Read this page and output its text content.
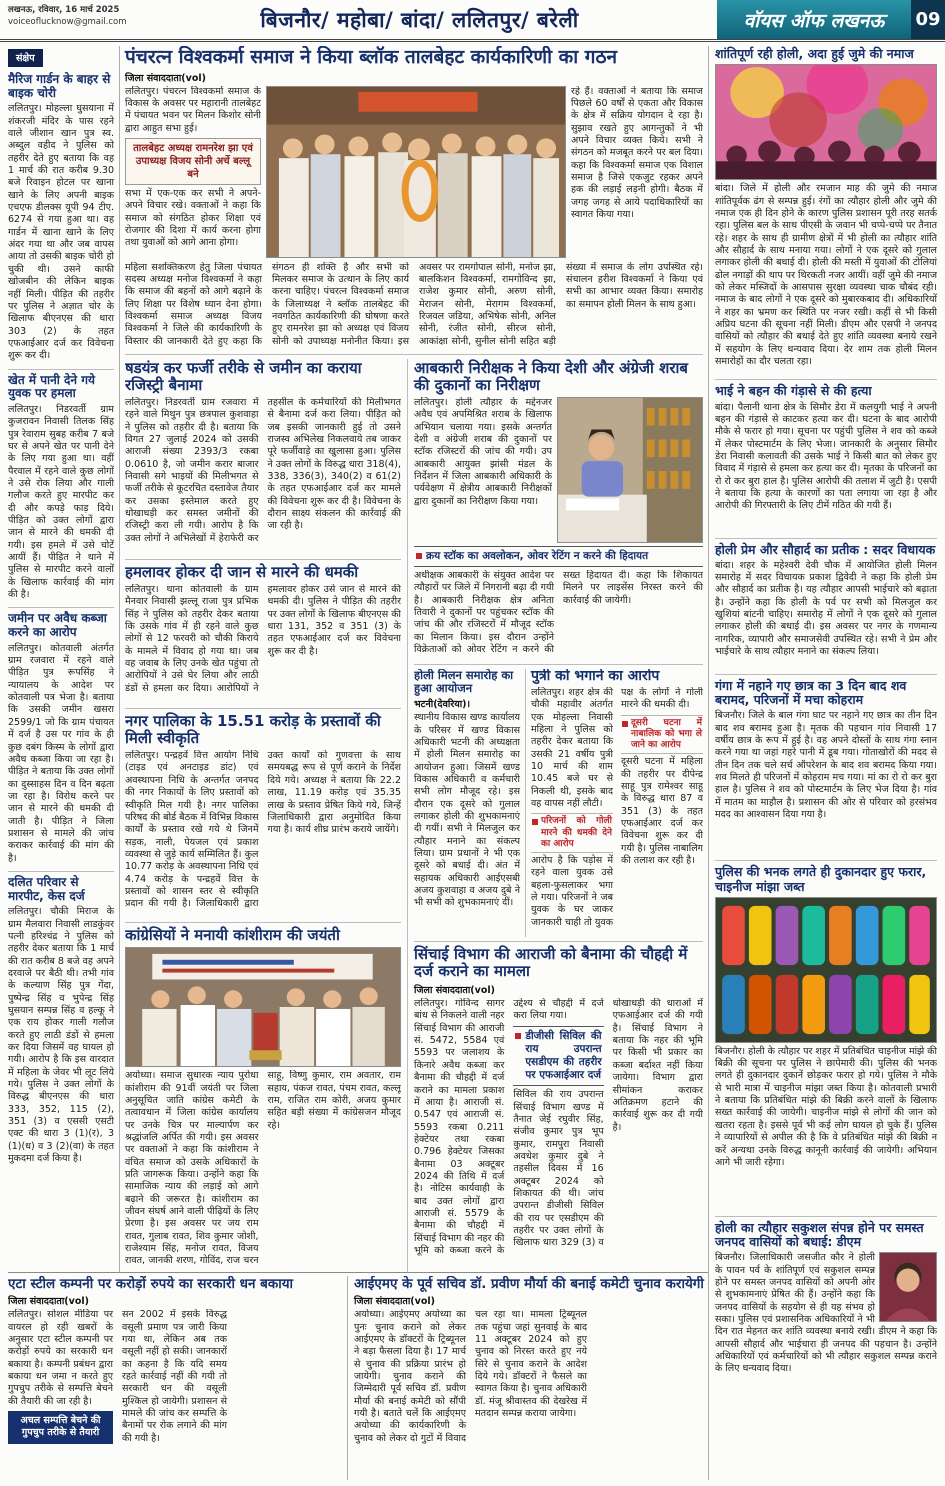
लखनऊ, रविवार, 16 मार्च 2025
voiceoflucknow@gmail.com	बिजनौर/ महोबा/ बांदा/ ललितपुर/ बरेली	वॉयस ऑफ लखनऊ	09
संक्षेप
मैरिज गार्डन के बाहर से बाइक चोरी
ललितपुर। मोहल्ला घुसयाना में शंकरजी मंदिर के पास रहने वाले जीशान खान पुत्र स्व. अब्दुल वहीद ने पुलिस को तहरीर देते हुए बताया कि वह 1 मार्च की रात करीब 9.30 बजे रिवाइन होटल पर खाना खाने के लिए अपनी बाइक एचएफ डीलक्स यूपी 94 टीए. 6274 से गया हुआ था। वह गार्डन में खाना खाने के लिए अंदर गया था और जब वापस आया तो उसकी बाइक चोरी हो चुकी थी। उसने काफी खोजबीन की लेकिन बाइक नहीं मिली। पीड़ित की तहरीर पर पुलिस ने अज्ञात चोर के खिलाफ बीएनएस की धारा 303 (2) के तहत एफआईआर दर्ज कर विवेचना शुरू कर दी।
खेत में पानी देने गये युवक पर हमला
ललितपुर। निडरवर्ती ग्राम कुजरावन निवासी तिलक सिंह पुत्र रेवाराम सुबह करीब 7 बजे घर से अपने खेत पर पानी देने के लिए गया हुआ था। वहीं पैरवाल में रहने वाले कुछ लोगों ने उसे रोक लिया और गाली गलौज करते हुए मारपीट कर दी और कपड़े फाड़ दिये। पीड़ित को उक्त लोगों द्वारा जान से मारने की धमकी दी गयी। इस हमले में उसे चोटें आयीं हैं। पीड़ित ने थाने में पुलिस से मारपीट करने वालों के खिलाफ कार्रवाई की मांग की है।
जमीन पर अवैध कब्जा करने का आरोप
ललितपुर। कोतवाली अंतर्गत ग्राम रजवारा में रहने वाले पीड़ित पुत्र रूपसिंह ने न्यायालय के आदेश पर कोतवाली पत्र भेजा है। बताया कि उसकी जमीन खसरा 2599/1 जो कि ग्राम पंचायत में दर्ज है उस पर गांव के ही कुछ दबंग किस्म के लोगों द्वारा अवैध कब्जा किया जा रहा है। पीड़ित ने बताया कि उक्त लोगों का दुस्साहस दिन व दिन बढ़ता जा रहा है। विरोध करने पर जान से मारने की धमकी दी जाती है। पीड़ित ने जिला प्रशासन से मामले की जांच कराकर कार्रवाई की मांग की है।
दलित परिवार से मारपीट, केस दर्ज
ललितपुर। चौकी मिराज के ग्राम मैलवारा निवासी लाडकुंवर पत्नी हरिश्चंद्र ने पुलिस को तहरीर देकर बताया कि 1 मार्च की रात करीब 8 बजे वह अपने दरवाजे पर बैठी थी। तभी गांव के कल्याण सिंह पुत्र गेंदा, पुष्पेन्द्र सिंह व भुपेन्द्र सिंह घुसयान सम्पन्न सिंह व हल्कू ने एक राय होकर गाली गलौज करते हुए लाठी डंडों से हमला कर दिया जिसमें वह घायल हो गयी। आरोप है कि इस वारदात में महिला के जेवर भी लूट लिये गये। पुलिस ने उक्त लोगों के विरुद्ध बीएनएस की धारा 333, 352, 115 (2), 351 (3) व एससी एसटी एक्ट की धारा 3 (1)(र), 3 (1)(ध) व 3 (2)(वा) के तहत मुकदमा दर्ज किया है।
पंचरत्न विश्वकर्मा समाज ने किया ब्लॉक तालबेहट कार्यकारिणी का गठन
जिला संवाददाता(vol)

ललितपुर। पंचरत्न विश्वकर्मा समाज के विकास के अवसर पर महारानी तालबेहट में पंचायत भवन पर मिलन किशोर सोनी द्वारा आहुत सभा हुई।

तालबेहट अध्यक्ष रामनरेश झा एवं उपाध्यक्ष विजय सोनी अर्चे बल्लू बने

सभा में एक-एक कर सभी ने अपने-अपने विचार रखे। वक्ताओं ने कहा कि समाज को संगठित होकर शिक्षा एवं रोजगार की दिशा में कार्य करना होगा तथा युवाओं को आगे आना होगा।

रहे हैं। वक्ताओं ने बताया कि समाज पिछले 60 वर्षों से एकता और विकास के क्षेत्र में सक्रिय योगदान दे रहा है। सुझाव रखते हुए आगन्तुकों ने भी अपने विचार व्यक्त किये। सभी ने संगठन को मजबूत करने पर बल दिया। कहा कि विश्वकर्मा समाज एक विशाल समाज है जिसे एकजुट रहकर अपने हक की लड़ाई लड़नी होगी। बैठक में जगह जगह से आये पदाधिकारियों का स्वागत किया गया।

महिला सशक्तिकरण हेतु जिला पंचायत सदस्य अध्यक्ष मनोज विश्वकर्मा ने कहा कि समाज की बहनों को आगे बढ़ाने के लिए शिक्षा पर विशेष ध्यान देना होगा। विश्वकर्मा समाज अध्यक्ष विजय विश्वकर्मा ने जिले की कार्यकारिणी के विस्तार की जानकारी देते हुए कहा कि संगठन ही शक्ति है और सभी को मिलकर समाज के उत्थान के लिए कार्य करना चाहिए। पंचरत्न विश्वकर्मा समाज के जिलाध्यक्ष ने ब्लॉक तालबेहट की नवगठित कार्यकारिणी की घोषणा करते हुए रामनरेश झा को अध्यक्ष एवं विजय सोनी को उपाध्यक्ष मनोनीत किया। इस अवसर पर रामगोपाल सोनी, मनोज झा, बालकिशन विश्वकर्मा, रामगोविन्द झा, राजेश कुमार सोनी, अरुण सोनी, मेराजन सोनी, मेरागम विश्वकर्मा, रिजवल जडिया, अभिषेक सोनी, अनिल सोनी, रंजीत सोनी, सीरज सोनी, आकांक्षा सोनी, सुनील सोनी सहित बड़ी संख्या में समाज के लोग उपस्थित रहे। संचालन हरीश विश्वकर्मा ने किया एवं सभी का आभार व्यक्त किया। समारोह का समापन होली मिलन के साथ हुआ।

षडयंत्र कर फर्जी तरीके से जमीन का कराया रजिस्ट्री बैनामा

ललितपुर। निडरवर्ती ग्राम रजवारा में रहने वाले मिथुन पुत्र छत्रपाल कुशवाहा ने पुलिस को तहरीर दी है। बताया कि विगत 27 जुलाई 2024 को उसकी आराजी संख्या 2393/3 रकबा 0.0610 है, जो जमीन करार बाजार निवासी सगे भाइयों की मिलीभगत से फर्जी तरीके से कूटरचित दस्तावेज तैयार कर उसका इस्तेमाल करते हुए धोखाधड़ी कर समस्त जमीनों की रजिस्ट्री करा ली गयी। आरोप है कि उक्त लोगों ने अभिलेखों में हेराफेरी कर तहसील के कर्मचारियों की मिलीभगत से बैनामा दर्ज करा लिया। पीड़ित को जब इसकी जानकारी हुई तो उसने राजस्व अभिलेख निकलवाये तब जाकर पूरे फर्जीवाड़े का खुलासा हुआ। पुलिस ने उक्त लोगों के विरुद्ध धारा 318(4), 338, 336(3), 340(2) व 61(2) के तहत एफआईआर दर्ज कर मामले की विवेचना शुरू कर दी है। विवेचना के दौरान साक्ष्य संकलन की कार्रवाई की जा रही है।

हमलावर होकर दी जान से मारने की धमकी

ललितपुर। थाना कोतवाली के ग्राम मैनवार निवासी झल्लू राजा पुत्र प्रभिक सिंह ने पुलिस को तहरीर देकर बताया कि उसके गांव में ही रहने वाले कुछ लोगों से 12 फरवरी को चौकी किराये के मामले में विवाद हो गया था। जब वह जवाब के लिए उनके खेत पहुंचा तो आरोपियों ने उसे घेर लिया और लाठी डंडों से हमला कर दिया। आरोपियों ने हमलावर होकर उसे जान से मारने की धमकी दी। पुलिस ने पीड़ित की तहरीर पर उक्त लोगों के खिलाफ बीएनएस की धारा 131, 352 व 351 (3) के तहत एफआईआर दर्ज कर विवेचना शुरू कर दी है।

नगर पालिका के 15.51 करोड़ के प्रस्तावों की मिली स्वीकृति

ललितपुर। पन्द्रहवें वित्त आयोग निधि (टाइड एवं अनटाइड डांट) एवं अवस्थापना निधि के अन्तर्गत जनपद की नगर निकायों के लिए प्रस्तावों को स्वीकृति मिल गयी है। नगर पालिका परिषद की बोर्ड बैठक में विभिन्न विकास कार्यों के प्रस्ताव रखे गये थे जिनमें सड़क, नाली, पेयजल एवं प्रकाश व्यवस्था से जुड़े कार्य सम्मिलित हैं। कुल 10.77 करोड़ के अवस्थापना निधि एवं 4.74 करोड़ के पन्द्रहवें वित्त के प्रस्तावों को शासन स्तर से स्वीकृति प्रदान की गयी है। जिलाधिकारी द्वारा उक्त कार्यों को गुणवत्ता के साथ समयबद्ध रूप से पूर्ण कराने के निर्देश दिये गये। अध्यक्ष ने बताया कि 22.2 लाख, 11.19 करोड़ एवं 35.35 लाख के प्रस्ताव प्रेषित किये गये, जिन्हें जिलाधिकारी द्वारा अनुमोदित किया गया है। कार्य शीघ्र प्रारंभ कराये जायेंगे।

कांग्रेसियों ने मनायी कांशीराम की जयंती

अयोध्या। समाज सुधारक न्याय पुरोधा कांशीराम की 91वीं जयंती पर जिला अनुसूचित जाति कांग्रेस कमेटी के तत्वावधान में जिला कांग्रेस कार्यालय पर उनके चित्र पर माल्यार्पण कर श्रद्धांजलि अर्पित की गयी। इस अवसर पर वक्ताओं ने कहा कि कांशीराम ने वंचित समाज को उसके अधिकारों के प्रति जागरूक किया। उन्होंने कहा कि सामाजिक न्याय की लड़ाई को आगे बढ़ाने की जरूरत है। कांशीराम का जीवन संघर्ष आने वाली पीढ़ियों के लिए प्रेरणा है। इस अवसर पर जय राम रावत, गुलाब रावत, शिव कुमार जोशी, राजेश्याम सिंह, मनोज रावत, विजय रावत, जानकी शरण, गोविंद, राज चरन साहू, विष्णु कुमार, राम अवतार, राम सहाय, पंकज रावत, पंचम रावत, कल्लू राम, राजित राम कोरी, अजय कुमार सहित बड़ी संख्या में कांग्रेसजन मौजूद रहे।

आबकारी निरीक्षक ने किया देशी और अंग्रेजी शराब की दुकानों का निरीक्षण

ललितपुर। होली त्यौहार के मद्देनजर अवैध एवं अपमिश्रित शराब के खिलाफ अभियान चलाया गया। इसके अन्तर्गत देशी व अंग्रेजी शराब की दुकानों पर स्टॉक रजिस्टरों की जांच की गयी। उप आबकारी आयुक्त झांसी मंडल के निर्देशन में जिला आबकारी अधिकारी के पर्यवेक्षण में क्षेत्रीय आबकारी निरीक्षकों द्वारा दुकानों का निरीक्षण किया गया।

क्रय स्टॉक का अवलोकन, ओवर रेटिंग न करने की हिदायत

अधीक्षक आबकारी के संयुक्त आदेश पर त्यौहारों पर जिले में निगरानी बढ़ा दी गयी है। आबकारी निरीक्षक क्षेत्र अनिता तिवारी ने दुकानों पर पहुंचकर स्टॉक की जांच की और रजिस्टरों में मौजूद स्टॉक का मिलान किया। इस दौरान उन्होंने विक्रेताओं को ओवर रेटिंग न करने की सख्त हिदायत दी। कहा कि शिकायत मिलने पर लाइसेंस निरस्त करने की कार्रवाई की जायेगी।

होली मिलन समारोह का हुआ आयोजन
भटनी(देवरिया)।

स्थानीय विकास खण्ड कार्यालय के परिसर में खण्ड विकास अधिकारी भटनी की अध्यक्षता में होली मिलन समारोह का आयोजन हुआ। जिसमें खण्ड विकास अधिकारी व कर्मचारी सभी लोग मौजूद रहे। इस दौरान एक दूसरे को गुलाल लगाकर होली की शुभकामनाएं दी गयीं। सभी ने मिलजुल कर त्यौहार मनाने का संकल्प लिया। ग्राम प्रधानों ने भी एक दूसरे को बधाई दी। अंत में सहायक अधिकारी आईएसबी अजय कुशवाहा व अजय दुबे ने भी सभी को शुभकामनाएं दीं।

पुत्री को भगाने का आरोप

ललितपुर। शहर क्षेत्र की चौकी महावीर अंतर्गत एक मोहल्ला निवासी महिला ने पुलिस को तहरीर देकर बताया कि उसकी 21 वर्षीय पुत्री 10 मार्च की शाम 10.45 बजे घर से निकली थी, इसके बाद वह वापस नहीं लौटी।

परिजनों को गोली मारने की धमकी देने का आरोप

आरोप है कि पड़ोस में रहने वाला युवक उसे बहला-फुसलाकर भगा ले गया। परिजनों ने जब युवक के घर जाकर जानकारी चाही तो युवक पक्ष के लोगों ने गोली मारने की धमकी दी।

दूसरी घटना में नाबालिक को भगा ले जाने का आरोप

दूसरी घटना में महिला की तहरीर पर दीपेन्द्र साहू पुत्र रामेश्वर साहू के विरुद्ध धारा 87 व 351 (3) के तहत एफआईआर दर्ज कर विवेचना शुरू कर दी गयी है। पुलिस नाबालिग की तलाश कर रही है।

सिंचाई विभाग की आराजी को बैनामा की चौहद्दी में दर्ज कराने का मामला
जिला संवाददाता(vol)

ललितपुर। गोविन्द सागर बांध से निकलने वाली नहर सिंचाई विभाग की आराजी सं. 5472, 5584 एवं 5593 पर जलाशय के किनारे अवैध कब्जा कर बैनामा की चौहद्दी में दर्ज कराने का मामला प्रकाश में आया है। आराजी सं. 0.547 एवं आराजी सं. 5593 रकबा 0.211 हेक्टेयर तथा रकबा 0.796 हेक्टेयर जिसका बैनामा 03 अक्टूबर 2024 की तिथि में दर्ज है। नोटिस कार्यवाही के बाद उक्त लोगों द्वारा आराजी सं. 5579 के बैनामा की चौहद्दी में सिंचाई विभाग की नहर की भूमि को कब्जा करने के उद्देश्य से चौहद्दी में दर्ज करा लिया गया।

डीजीसी सिविल की राय उपरान्त एसडीएम की तहरीर पर एफआईआर दर्ज

सिविल की राय उपरान्त सिंचाई विभाग खण्ड में तैनात जेई रघुवीर सिंह, संजीव कुमार पुत्र भूप कुमार, रामपुरा निवासी अवधेश कुमार दुबे ने तहसील दिवस में 16 अक्टूबर 2024 को शिकायत की थी। जांच उपरान्त डीजीसी सिविल की राय पर एसडीएम की तहरीर पर उक्त लोगों के खिलाफ धारा 329 (3) व धोखाधड़ी की धाराओं में एफआईआर दर्ज की गयी है। सिंचाई विभाग ने बताया कि नहर की भूमि पर किसी भी प्रकार का कब्जा बर्दाश्त नहीं किया जायेगा। विभाग द्वारा सीमांकन कराकर अतिक्रमण हटाने की कार्रवाई शुरू कर दी गयी है।

एटा स्टील कम्पनी पर करोड़ों रुपये का सरकारी धन बकाया
जिला संवाददाता(vol)

ललितपुर। सोशल मीडिया पर वायरल हो रही खबरों के अनुसार एटा स्टील कम्पनी पर करोड़ों रुपये का सरकारी धन बकाया है। कम्पनी प्रबंधन द्वारा बकाया धन जमा न करते हुए गुपचुप तरीके से सम्पत्ति बेचने की तैयारी की जा रही है।

अचल सम्पत्ति बेचने की गुपचुप तरीके से तैयारी

सन 2002 में इसके विरुद्ध वसूली प्रमाण पत्र जारी किया गया था, लेकिन अब तक वसूली नहीं हो सकी। जानकारों का कहना है कि यदि समय रहते कार्रवाई नहीं की गयी तो सरकारी धन की वसूली मुश्किल हो जायेगी। प्रशासन से मामले की जांच कर सम्पत्ति के बैनामों पर रोक लगाने की मांग की गयी है।

आईएमए के पूर्व सचिव डॉ. प्रवीण मौर्या की बनाई कमेटी चुनाव करायेगी
जिला संवाददाता(vol)

अयोध्या। आईएमए अयोध्या का पुनः चुनाव कराने को लेकर आईएमए के डॉक्टरों के ट्रिब्यूनल ने बड़ा फैसला दिया है। 17 मार्च से चुनाव की प्रक्रिया प्रारंभ हो जायेगी। चुनाव कराने की जिम्मेदारी पूर्व सचिव डॉ. प्रवीण मौर्या की बनाई कमेटी को सौंपी गयी है। बताते चलें कि आईएमए अयोध्या की कार्यकारिणी के चुनाव को लेकर दो गुटों में विवाद चल रहा था। मामला ट्रिब्यूनल तक पहुंचा जहां सुनवाई के बाद 11 अक्टूबर 2024 को हुए चुनाव को निरस्त करते हुए नये सिरे से चुनाव कराने के आदेश दिये गये। डॉक्टरों ने फैसले का स्वागत किया है। चुनाव अधिकारी डॉ. मंजू श्रीवास्तव की देखरेख में मतदान सम्पन्न कराया जायेगा।

शांतिपूर्ण रही होली, अदा हुई जुमे की नमाज

बांदा। जिले में होली और रमजान माह की जुमे की नमाज शांतिपूर्वक ढंग से सम्पन्न हुई। रंगों का त्यौहार होली और जुमे की नमाज एक ही दिन होने के कारण पुलिस प्रशासन पूरी तरह सतर्क रहा। पुलिस बल के साथ पीएसी के जवान भी चप्पे-चप्पे पर तैनात रहे। शहर के साथ ही ग्रामीण क्षेत्रों में भी होली का त्यौहार शांति और सौहार्द के साथ मनाया गया। लोगों ने एक दूसरे को गुलाल लगाकर होली की बधाई दी। होली की मस्ती में युवाओं की टोलियां ढोल नगाड़ों की थाप पर थिरकती नजर आयीं। वहीं जुमे की नमाज को लेकर मस्जिदों के आसपास सुरक्षा व्यवस्था चाक चौबंद रही। नमाज के बाद लोगों ने एक दूसरे को मुबारकबाद दी। अधिकारियों ने शहर का भ्रमण कर स्थिति पर नजर रखी। कहीं से भी किसी अप्रिय घटना की सूचना नहीं मिली। डीएम और एसपी ने जनपद वासियों को त्यौहार की बधाई देते हुए शांति व्यवस्था बनाये रखने में सहयोग के लिए धन्यवाद दिया। देर शाम तक होली मिलन समारोहों का दौर चलता रहा।

भाई ने बहन की गंड़ासे से की हत्या

बांदा। पैलानी थाना क्षेत्र के सिमौर डेरा में कलयुगी भाई ने अपनी बहन की गंड़ासे से काटकर हत्या कर दी। घटना के बाद आरोपी मौके से फरार हो गया। सूचना पर पहुंची पुलिस ने शव को कब्जे में लेकर पोस्टमार्टम के लिए भेजा। जानकारी के अनुसार सिमौर डेरा निवासी कलावती की उसके भाई ने किसी बात को लेकर हुए विवाद में गंड़ासे से हमला कर हत्या कर दी। मृतका के परिजनों का रो रो कर बुरा हाल है। पुलिस आरोपी की तलाश में जुटी है। एसपी ने बताया कि हत्या के कारणों का पता लगाया जा रहा है और आरोपी की गिरफ्तारी के लिए टीमें गठित की गयी हैं।

होली प्रेम और सौहार्द का प्रतीक : सदर विधायक

बांदा। शहर के महेश्वरी देवी चौक में आयोजित होली मिलन समारोह में सदर विधायक प्रकाश द्विवेदी ने कहा कि होली प्रेम और सौहार्द का प्रतीक है। यह त्यौहार आपसी भाईचारे को बढ़ाता है। उन्होंने कहा कि होली के पर्व पर सभी को मिलजुल कर खुशियां बांटनी चाहिए। समारोह में लोगों ने एक दूसरे को गुलाल लगाकर होली की बधाई दी। इस अवसर पर नगर के गणमान्य नागरिक, व्यापारी और समाजसेवी उपस्थित रहे। सभी ने प्रेम और भाईचारे के साथ त्यौहार मनाने का संकल्प लिया।

गंगा में नहाने गए छात्र का 3 दिन बाद शव बरामद, परिजनों में मचा कोहराम

बिजनौर। जिले के बाल गंगा घाट पर नहाने गए छात्र का तीन दिन बाद शव बरामद हुआ है। मृतक की पहचान गांव निवासी 17 वर्षीय छात्र के रूप में हुई है। वह अपने दोस्तों के साथ गंगा स्नान करने गया था जहां गहरे पानी में डूब गया। गोताखोरों की मदद से तीन दिन तक चले सर्च ऑपरेशन के बाद शव बरामद किया गया। शव मिलते ही परिजनों में कोहराम मच गया। मां का रो रो कर बुरा हाल है। पुलिस ने शव को पोस्टमार्टम के लिए भेज दिया है। गांव में मातम का माहौल है। प्रशासन की ओर से परिवार को हरसंभव मदद का आश्वासन दिया गया है।

पुलिस की भनक लगते ही दुकानदार हुए फरार, चाइनीज मांझा जब्त

बिजनौर। होली के त्यौहार पर शहर में प्रतिबंधित चाइनीज मांझे की बिक्री की सूचना पर पुलिस ने छापेमारी की। पुलिस की भनक लगते ही दुकानदार दुकानें छोड़कर फरार हो गये। पुलिस ने मौके से भारी मात्रा में चाइनीज मांझा जब्त किया है। कोतवाली प्रभारी ने बताया कि प्रतिबंधित मांझे की बिक्री करने वालों के खिलाफ सख्त कार्रवाई की जायेगी। चाइनीज मांझे से लोगों की जान को खतरा रहता है। इससे पूर्व भी कई लोग घायल हो चुके हैं। पुलिस ने व्यापारियों से अपील की है कि वे प्रतिबंधित मांझे की बिक्री न करें अन्यथा उनके विरुद्ध कानूनी कार्रवाई की जायेगी। अभियान आगे भी जारी रहेगा।

होली का त्यौहार सकुशल संपन्न होने पर समस्त जनपद वासियों को बधाई: डीएम

बिजनौर। जिलाधिकारी जसजीत कौर ने होली के पावन पर्व के शांतिपूर्ण एवं सकुशल सम्पन्न होने पर समस्त जनपद वासियों को अपनी ओर से शुभकामनाएं प्रेषित की हैं। उन्होंने कहा कि जनपद वासियों के सहयोग से ही यह संभव हो सका। पुलिस एवं प्रशासनिक अधिकारियों ने भी दिन रात मेहनत कर शांति व्यवस्था बनाये रखी। डीएम ने कहा कि आपसी सौहार्द और भाईचारा ही जनपद की पहचान है। उन्होंने अधिकारियों एवं कर्मचारियों को भी त्यौहार सकुशल सम्पन्न कराने के लिए धन्यवाद दिया।
